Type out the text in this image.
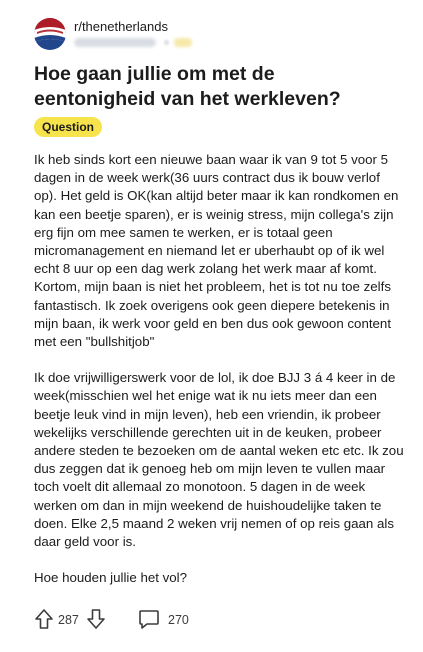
r/thenetherlands
Hoe gaan jullie om met de eentonigheid van het werkleven?
Question

Ik heb sinds kort een nieuwe baan waar ik van 9 tot 5 voor 5 dagen in de week werk(36 uurs contract dus ik bouw verlof op). Het geld is OK(kan altijd beter maar ik kan rondkomen en kan een beetje sparen), er is weinig stress, mijn collega's zijn erg fijn om mee samen te werken, er is totaal geen micromanagement en niemand let er uberhaubt op of ik wel echt 8 uur op een dag werk zolang het werk maar af komt. Kortom, mijn baan is niet het probleem, het is tot nu toe zelfs fantastisch. Ik zoek overigens ook geen diepere betekenis in mijn baan, ik werk voor geld en ben dus ook gewoon content met een "bullshitjob"

Ik doe vrijwilligerswerk voor de lol, ik doe BJJ 3 á 4 keer in de week(misschien wel het enige wat ik nu iets meer dan een beetje leuk vind in mijn leven), heb een vriendin, ik probeer wekelijks verschillende gerechten uit in de keuken, probeer andere steden te bezoeken om de aantal weken etc etc. Ik zou dus zeggen dat ik genoeg heb om mijn leven te vullen maar toch voelt dit allemaal zo monotoon. 5 dagen in de week werken om dan in mijn weekend de huishoudelijke taken te doen. Elke 2,5 maand 2 weken vrij nemen of op reis gaan als daar geld voor is.

Hoe houden jullie het vol?

287	270
